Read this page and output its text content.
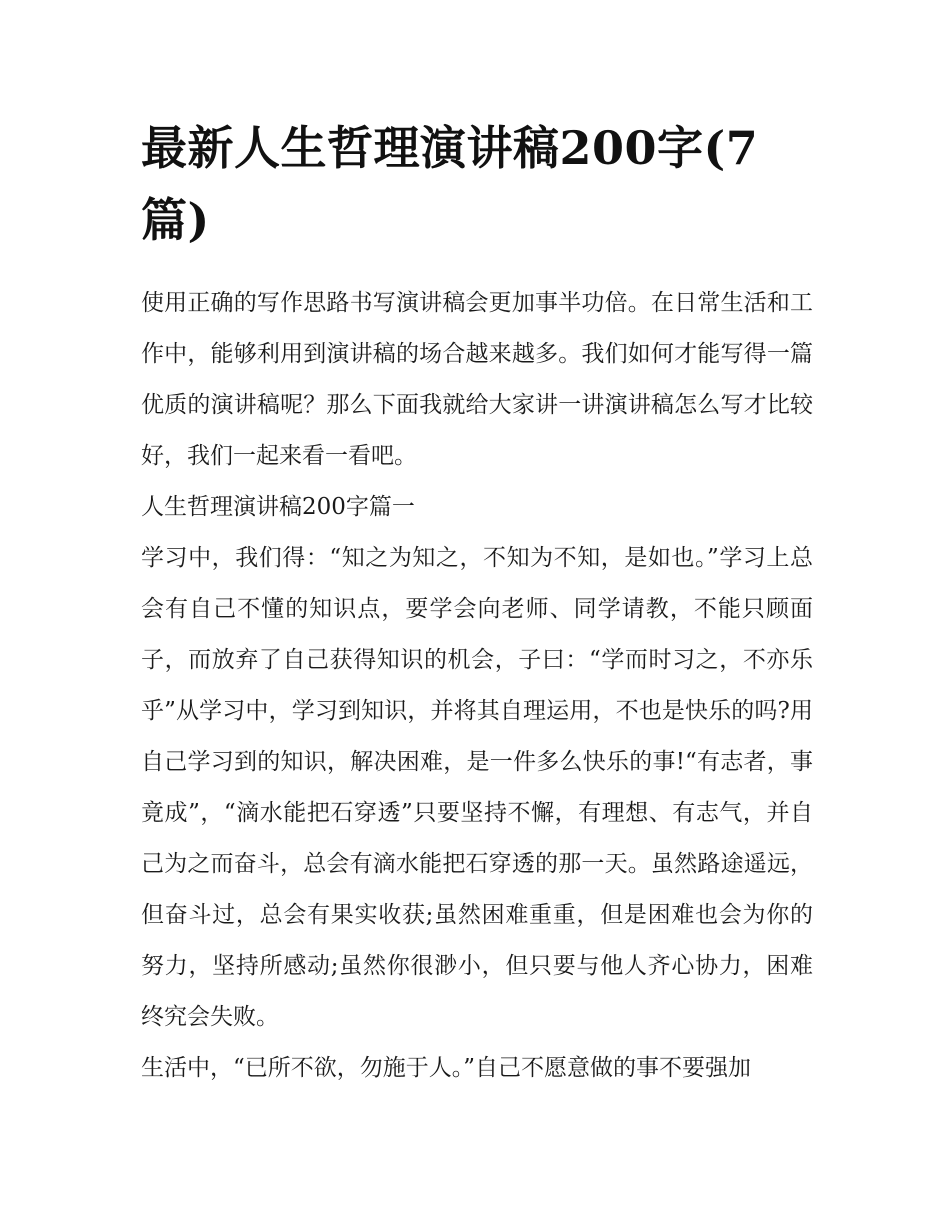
最新人生哲理演讲稿200字(7篇)

使用正确的写作思路书写演讲稿会更加事半功倍。在日常生活和工作中，能够利用到演讲稿的场合越来越多。我们如何才能写得一篇优质的演讲稿呢？那么下面我就给大家讲一讲演讲稿怎么写才比较好，我们一起来看一看吧。

人生哲理演讲稿200字篇一

学习中，我们得：“知之为知之，不知为不知，是如也。”学习上总会有自己不懂的知识点，要学会向老师、同学请教，不能只顾面子，而放弃了自己获得知识的机会，子曰：“学而时习之，不亦乐乎”从学习中，学习到知识，并将其自理运用，不也是快乐的吗?用自己学习到的知识，解决困难，是一件多么快乐的事!“有志者，事竟成”，“滴水能把石穿透”只要坚持不懈，有理想、有志气，并自己为之而奋斗，总会有滴水能把石穿透的那一天。虽然路途遥远，但奋斗过，总会有果实收获;虽然困难重重，但是困难也会为你的努力，坚持所感动;虽然你很渺小，但只要与他人齐心协力，困难终究会失败。

生活中，“已所不欲，勿施于人。”自己不愿意做的事不要强加
